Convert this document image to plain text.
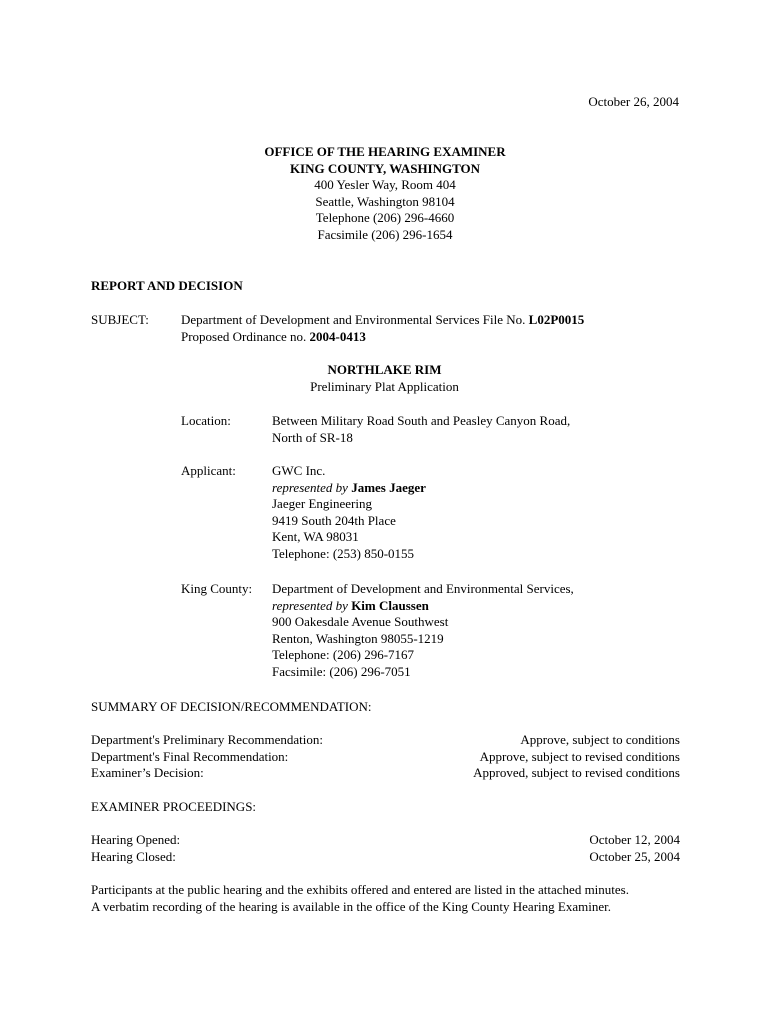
October 26, 2004
OFFICE OF THE HEARING EXAMINER
KING COUNTY, WASHINGTON
400 Yesler Way, Room 404
Seattle, Washington 98104
Telephone (206) 296-4660
Facsimile (206) 296-1654
REPORT AND DECISION
SUBJECT: Department of Development and Environmental Services File No. L02P0015
Proposed Ordinance no. 2004-0413
NORTHLAKE RIM
Preliminary Plat Application
Location:	Between Military Road South and Peasley Canyon Road,
North of SR-18
Applicant:	GWC Inc.
represented by James Jaeger
Jaeger Engineering
9419 South 204th Place
Kent, WA 98031
Telephone: (253) 850-0155
King County: Department of Development and Environmental Services,
represented by Kim Claussen
900 Oakesdale Avenue Southwest
Renton, Washington 98055-1219
Telephone: (206) 296-7167
Facsimile: (206) 296-7051
SUMMARY OF DECISION/RECOMMENDATION:
Department's Preliminary Recommendation:	Approve, subject to conditions
Department's Final Recommendation:	Approve, subject to revised conditions
Examiner’s Decision:	Approved, subject to revised conditions
EXAMINER PROCEEDINGS:
Hearing Opened:	October 12, 2004
Hearing Closed:	October 25, 2004
Participants at the public hearing and the exhibits offered and entered are listed in the attached minutes.
A verbatim recording of the hearing is available in the office of the King County Hearing Examiner.
